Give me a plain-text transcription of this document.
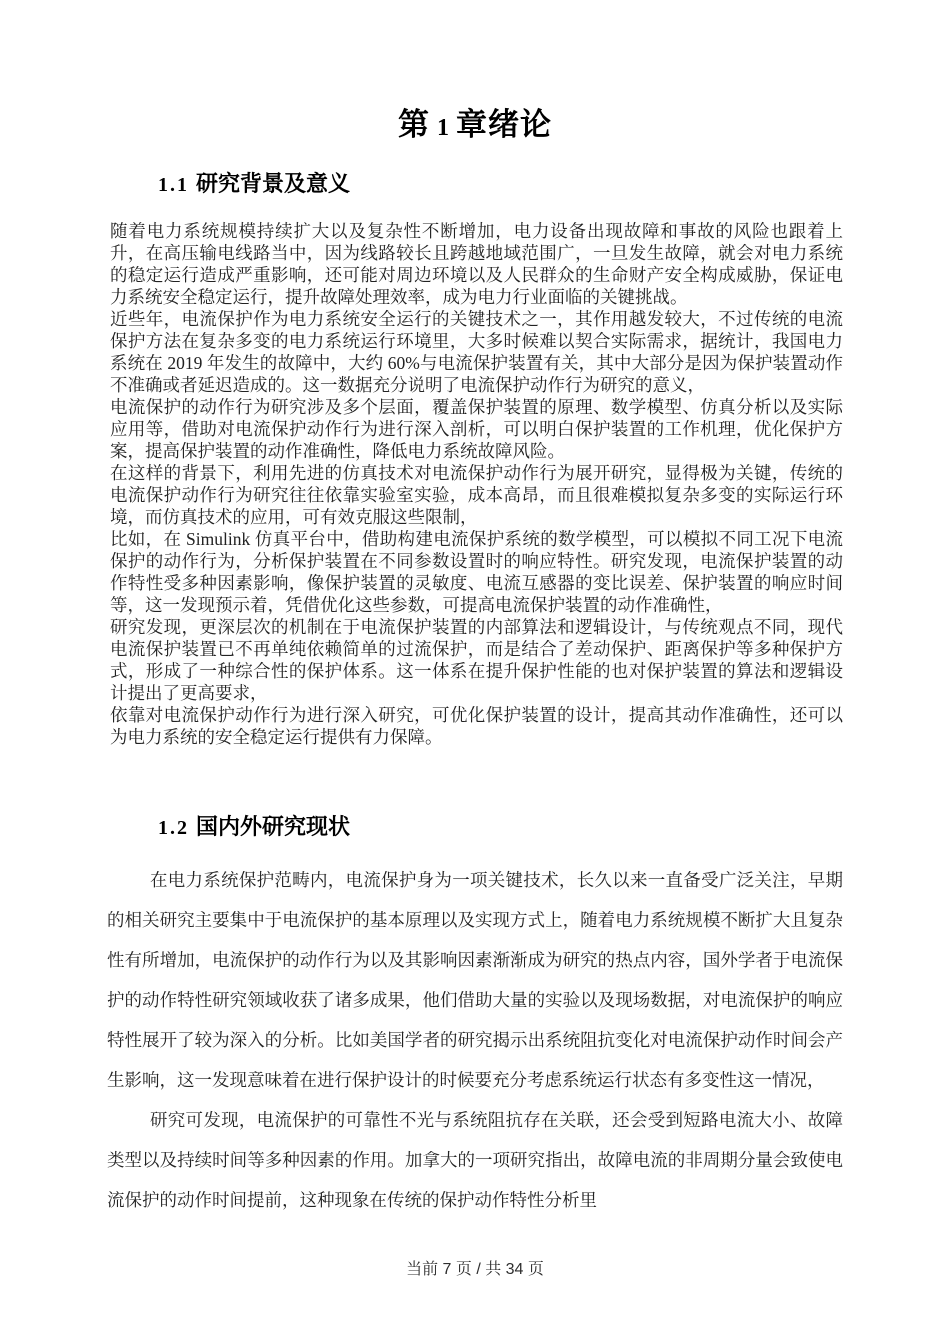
第 1 章绪论
1.1 研究背景及意义

随着电力系统规模持续扩大以及复杂性不断增加，电力设备出现故障和事故的风险也跟着上升，在高压输电线路当中，因为线路较长且跨越地域范围广，一旦发生故障，就会对电力系统的稳定运行造成严重影响，还可能对周边环境以及人民群众的生命财产安全构成威胁，保证电力系统安全稳定运行，提升故障处理效率，成为电力行业面临的关键挑战。

近些年，电流保护作为电力系统安全运行的关键技术之一，其作用越发较大，不过传统的电流保护方法在复杂多变的电力系统运行环境里，大多时候难以契合实际需求，据统计，我国电力系统在 2019 年发生的故障中，大约 60%与电流保护装置有关，其中大部分是因为保护装置动作不准确或者延迟造成的。这一数据充分说明了电流保护动作行为研究的意义，

电流保护的动作行为研究涉及多个层面，覆盖保护装置的原理、数学模型、仿真分析以及实际应用等，借助对电流保护动作行为进行深入剖析，可以明白保护装置的工作机理，优化保护方案，提高保护装置的动作准确性，降低电力系统故障风险。

在这样的背景下，利用先进的仿真技术对电流保护动作行为展开研究，显得极为关键，传统的电流保护动作行为研究往往依靠实验室实验，成本高昂，而且很难模拟复杂多变的实际运行环境，而仿真技术的应用，可有效克服这些限制，

比如，在 Simulink 仿真平台中，借助构建电流保护系统的数学模型，可以模拟不同工况下电流保护的动作行为，分析保护装置在不同参数设置时的响应特性。研究发现，电流保护装置的动作特性受多种因素影响，像保护装置的灵敏度、电流互感器的变比误差、保护装置的响应时间等，这一发现预示着，凭借优化这些参数，可提高电流保护装置的动作准确性，

研究发现，更深层次的机制在于电流保护装置的内部算法和逻辑设计，与传统观点不同，现代电流保护装置已不再单纯依赖简单的过流保护，而是结合了差动保护、距离保护等多种保护方式，形成了一种综合性的保护体系。这一体系在提升保护性能的也对保护装置的算法和逻辑设计提出了更高要求，

依靠对电流保护动作行为进行深入研究，可优化保护装置的设计，提高其动作准确性，还可以为电力系统的安全稳定运行提供有力保障。

1.2 国内外研究现状

在电力系统保护范畴内，电流保护身为一项关键技术，长久以来一直备受广泛关注，早期的相关研究主要集中于电流保护的基本原理以及实现方式上，随着电力系统规模不断扩大且复杂性有所增加，电流保护的动作行为以及其影响因素渐渐成为研究的热点内容，国外学者于电流保护的动作特性研究领域收获了诸多成果，他们借助大量的实验以及现场数据，对电流保护的响应特性展开了较为深入的分析。比如美国学者的研究揭示出系统阻抗变化对电流保护动作时间会产生影响，这一发现意味着在进行保护设计的时候要充分考虑系统运行状态有多变性这一情况，

研究可发现，电流保护的可靠性不光与系统阻抗存在关联，还会受到短路电流大小、故障类型以及持续时间等多种因素的作用。加拿大的一项研究指出，故障电流的非周期分量会致使电流保护的动作时间提前，这种现象在传统的保护动作特性分析里

当前 7 页 / 共 34 页
